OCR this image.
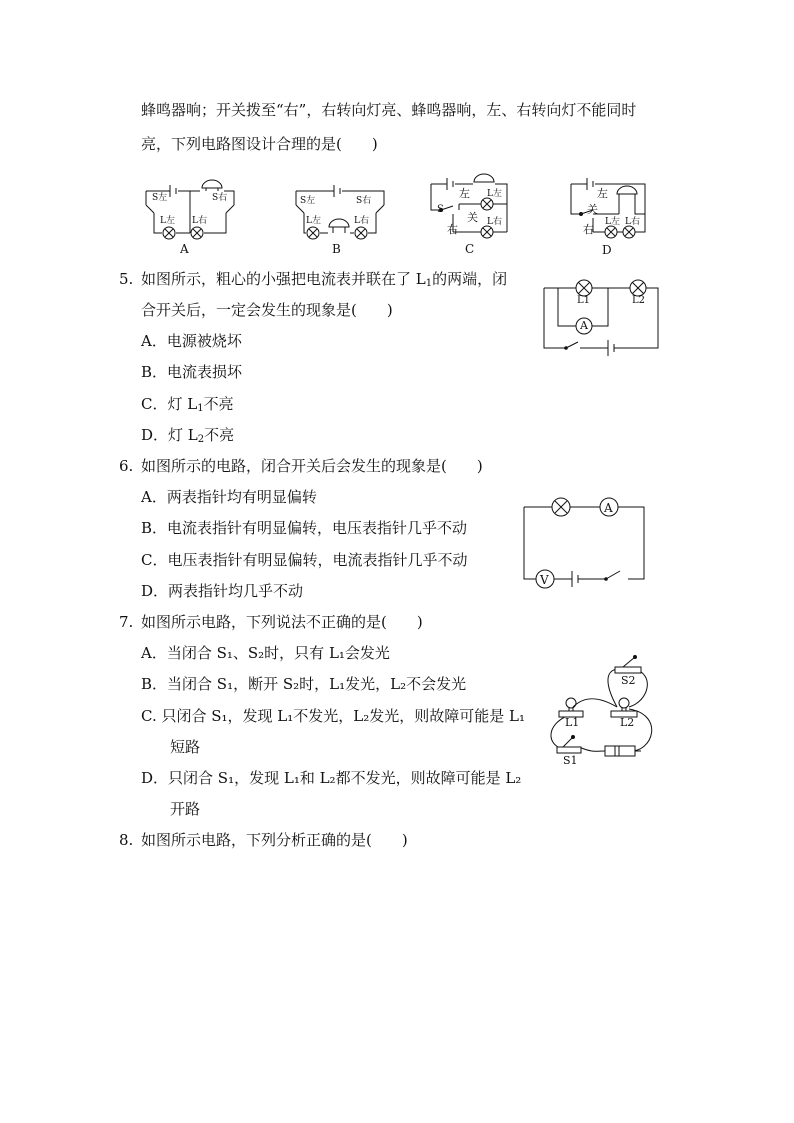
蜂鸣器响；开关拨至“右”，右转向灯亮、蜂鸣器响，左、右转向灯不能同时
亮，下列电路图设计合理的是(　　)
S左	S右
L左 L右
A
S左	S右
L左	L右
B
左 L左
S
关 L右
右
C
左
关
L左 L右
右
D
5. 如图所示，粗心的小强把电流表并联在了 $L_1$的两端，闭
合开关后，一定会发生的现象是(　　)
A．电源被烧坏
B．电流表损坏
C．灯 $L_1$不亮
D．灯 $L_2$不亮
A
L1	L2
6. 如图所示的电路，闭合开关后会发生的现象是(　　)
A．两表指针均有明显偏转
B．电流表指针有明显偏转，电压表指针几乎不动
C．电压表指针有明显偏转，电流表指针几乎不动
D．两表指针均几乎不动
A
V
7. 如图所示电路，下列说法不正确的是(　　)
A．当闭合 S₁、S₂时，只有 L₁会发光
B．当闭合 S₁，断开 S₂时，L₁发光，L₂不会发光
C. 只闭合 S₁，发现 L₁不发光，L₂发光，则故障可能是 L₁
短路
D．只闭合 S₁，发现 L₁和 L₂都不发光，则故障可能是 L₂
开路
S2
L1	L2
S1
8. 如图所示电路，下列分析正确的是(　　)
